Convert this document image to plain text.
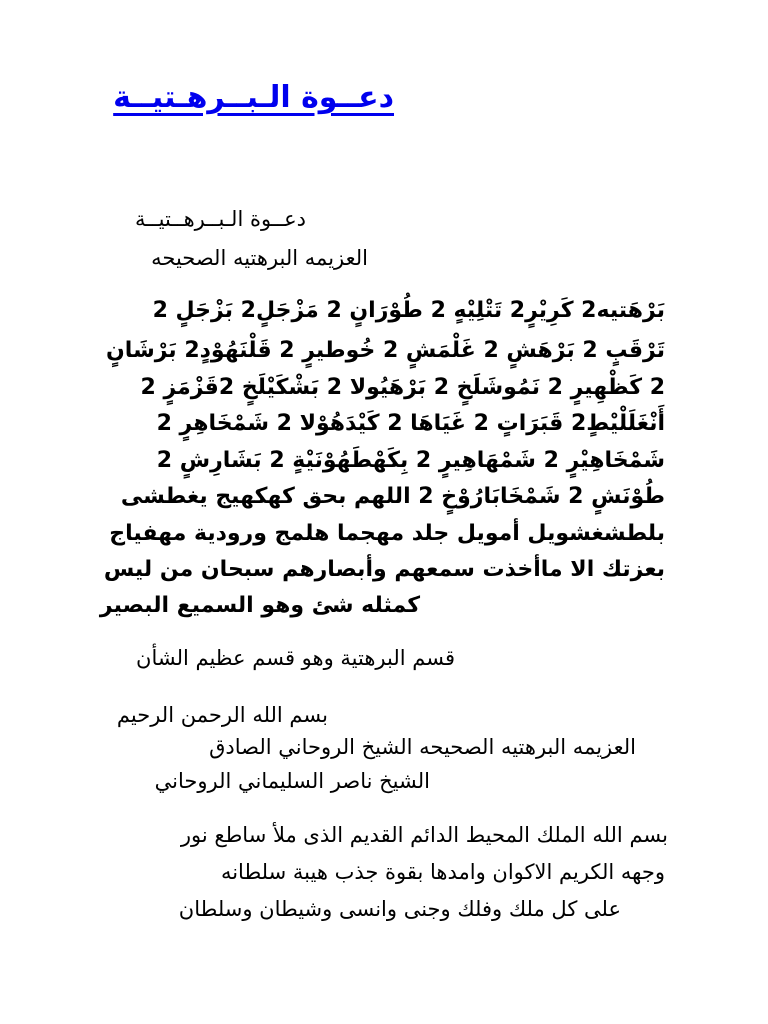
دعــوة الـبــرهـتيــة
دعــوة الـبــرهــتيــة
العزيمه البرهتيه الصحيحه
بَرْهَتيه2 كَرِيْرٍ2 تَتْلِيْهٍ 2 طُوْرَانٍ 2 مَزْجَلٍ2 بَزْجَلٍ 2
تَرْقَبٍ 2 بَرْهَشٍ 2 غَلْمَشٍ 2 خُوطيرٍ 2 قَلْنَهُوْدٍ2 بَرْشَانٍ
2 كَظْهِيرٍ 2 نَمُوشَلَخٍ 2 بَرْهَيُولا 2 بَشْكَيْلَخٍ 2قَزْمَزٍ 2
أَنْغَلَلْيْطٍ2 قَبَرَاتٍ 2 غَيَاهَا 2 كَيْدَهُوْلا 2 شَمْخَاهِرٍ 2
شَمْخَاهِيْرٍ 2 شَمْهَاهِيرٍ 2 بِكَهْطَهُوْنَيْةٍ 2 بَشَارِشٍ 2
طُوْنَشٍ 2 شَمْخَابَارُوْخٍ 2 اللهم بحق كهكهيج يغطشى
بلطشغشويل أمويل جلد مهجما هلمج ورودية مهفياج
بعزتك الا ماأخذت سمعهم وأبصارهم سبحان من ليس
كمثله شئ وهو السميع البصير
قسم البرهتية وهو قسم عظيم الشأن
بسم الله الرحمن الرحيم
العزيمه البرهتيه الصحيحه الشيخ الروحاني الصادق
الشيخ ناصر السليماني الروحاني
بسم الله الملك المحيط الدائم القديم الذى ملأ ساطع نور
وجهه الكريم الاكوان وامدها بقوة جذب هيبة سلطانه
على كل ملك وفلك وجنى وانسى وشيطان وسلطان
